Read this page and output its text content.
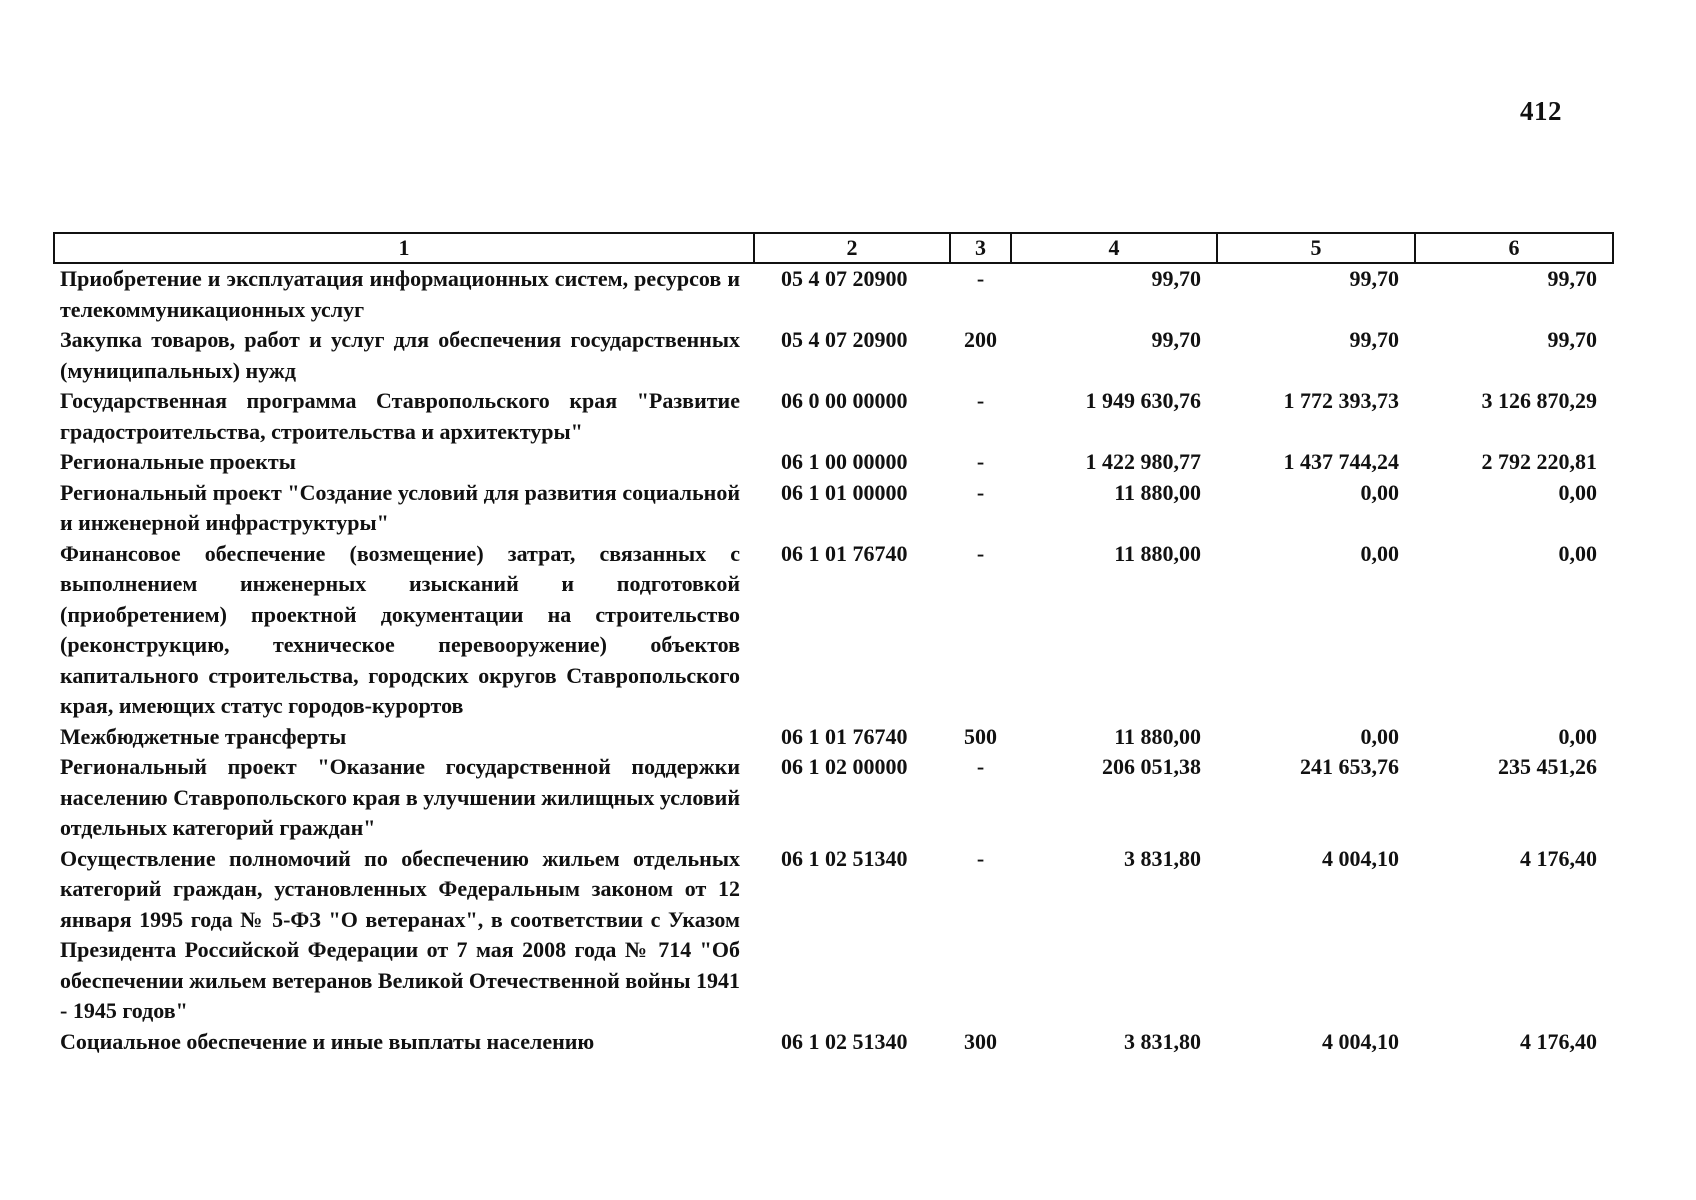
412
1	2	3	4	5	6
Приобретение и эксплуатация информационных систем, ресурсов и телекоммуникационных услуг	05 4 07 20900	-	99,70	99,70	99,70
Закупка товаров, работ и услуг для обеспечения государственных (муниципальных) нужд	05 4 07 20900	200	99,70	99,70	99,70
Государственная программа Ставропольского края "Развитие градостроительства, строительства и архитектуры"	06 0 00 00000	-	1 949 630,76	1 772 393,73	3 126 870,29
Региональные проекты	06 1 00 00000	-	1 422 980,77	1 437 744,24	2 792 220,81
Региональный проект "Создание условий для развития социальной и инженерной инфраструктуры"	06 1 01 00000	-	11 880,00	0,00	0,00
Финансовое обеспечение (возмещение) затрат, связанных с выполнением инженерных изысканий и подготовкой (приобретением) проектной документации на строительство (реконструкцию, техническое перевооружение) объектов капитального строительства, городских округов Ставропольского края, имеющих статус городов-курортов	06 1 01 76740	-	11 880,00	0,00	0,00
Межбюджетные трансферты	06 1 01 76740	500	11 880,00	0,00	0,00
Региональный проект "Оказание государственной поддержки населению Ставропольского края в улучшении жилищных условий отдельных категорий граждан"	06 1 02 00000	-	206 051,38	241 653,76	235 451,26
Осуществление полномочий по обеспечению жильем отдельных категорий граждан, установленных Федеральным законом от 12 января 1995 года № 5-ФЗ "О ветеранах", в соответствии с Указом Президента Российской Федерации от 7 мая 2008 года № 714 "Об обеспечении жильем ветеранов Великой Отечественной войны 1941 - 1945 годов"	06 1 02 51340	-	3 831,80	4 004,10	4 176,40
Социальное обеспечение и иные выплаты населению	06 1 02 51340	300	3 831,80	4 004,10	4 176,40
